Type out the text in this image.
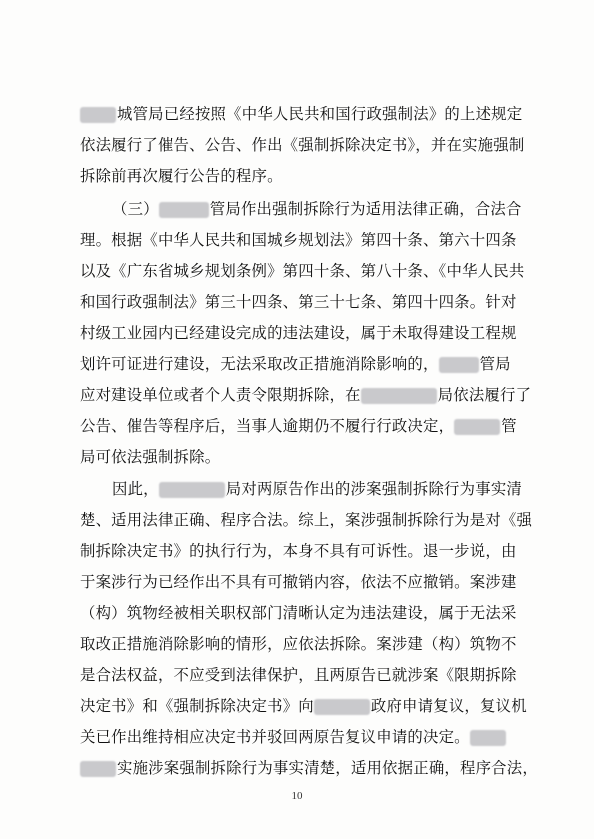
城管局已经按照《中华人民共和国行政强制法》的上述规定
依法履行了催告、公告、作出《强制拆除决定书》，并在实施强制
拆除前再次履行公告的程序。
（三）	管局作出强制拆除行为适用法律正确，合法合
理。根据《中华人民共和国城乡规划法》第四十条、第六十四条
以及《广东省城乡规划条例》第四十条、第八十条、《中华人民共
和国行政强制法》第三十四条、第三十七条、第四十四条。针对
村级工业园内已经建设完成的违法建设，属于未取得建设工程规
划许可证进行建设，无法采取改正措施消除影响的，	管局
应对建设单位或者个人责令限期拆除，在	局依法履行了
公告、催告等程序后，当事人逾期仍不履行行政决定，	管
局可依法强制拆除。
因此，	局对两原告作出的涉案强制拆除行为事实清
楚、适用法律正确、程序合法。综上，案涉强制拆除行为是对《强
制拆除决定书》的执行行为，本身不具有可诉性。退一步说，由
于案涉行为已经作出不具有可撤销内容，依法不应撤销。案涉建
（构）筑物经被相关职权部门清晰认定为违法建设，属于无法采
取改正措施消除影响的情形，应依法拆除。案涉建（构）筑物不
是合法权益，不应受到法律保护，且两原告已就涉案《限期拆除
决定书》和《强制拆除决定书》向	政府申请复议，复议机
关已作出维持相应决定书并驳回两原告复议申请的决定。
实施涉案强制拆除行为事实清楚，适用依据正确，程序合法，
10
